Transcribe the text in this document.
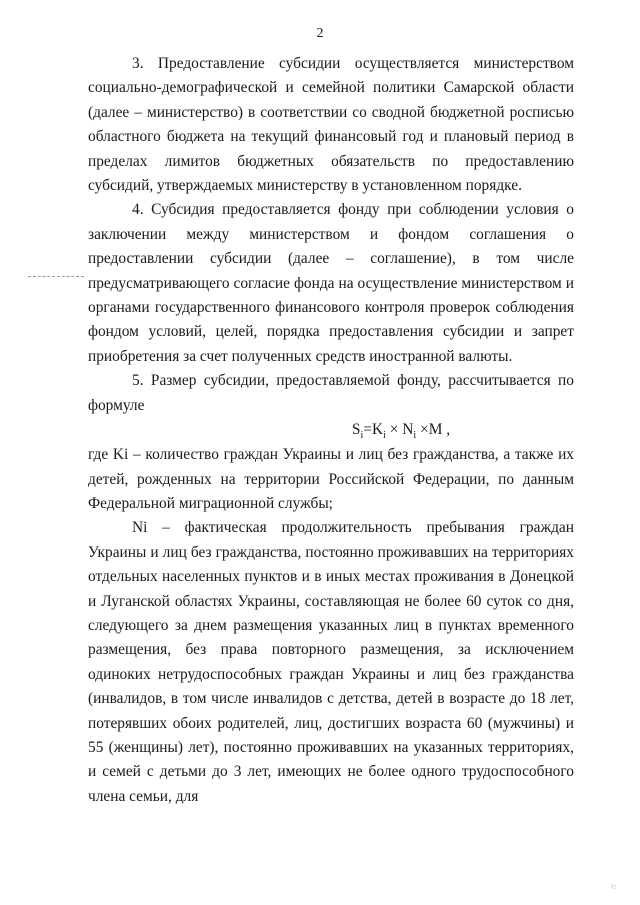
2

3. Предоставление субсидии осуществляется министерством социально-демографической и семейной политики Самарской области (далее – министерство) в соответствии со сводной бюджетной росписью областного бюджета на текущий финансовый год и плановый период в пределах лимитов бюджетных обязательств по предоставлению субсидий, утверждаемых министерству в установленном порядке.

4. Субсидия предоставляется фонду при соблюдении условия о заключении между министерством и фондом соглашения о предоставлении субсидии (далее – соглашение), в том числе предусматривающего согласие фонда на осуществление министерством и органами государственного финансового контроля проверок соблюдения фондом условий, целей, порядка предоставления субсидии и запрет приобретения за счет полученных средств иностранной валюты.

5. Размер субсидии, предоставляемой фонду, рассчитывается по формуле

$S_i=K_i \times N_i \times M$ ,

где Ki – количество граждан Украины и лиц без гражданства, а также их детей, рожденных на территории Российской Федерации, по данным Федеральной миграционной службы;

Ni – фактическая продолжительность пребывания граждан Украины и лиц без гражданства, постоянно проживавших на территориях отдельных населенных пунктов и в иных местах проживания в Донецкой и Луганской областях Украины, составляющая не более 60 суток со дня, следующего за днем размещения указанных лиц в пунктах временного размещения, без права повторного размещения, за исключением одиноких нетрудоспособных граждан Украины и лиц без гражданства (инвалидов, в том числе инвалидов с детства, детей в возрасте до 18 лет, потерявших обоих родителей, лиц, достигших возраста 60 (мужчины) и 55 (женщины) лет), постоянно проживавших на указанных территориях, и семей с детьми до 3 лет, имеющих не более одного трудоспособного члена семьи, для

⁘
